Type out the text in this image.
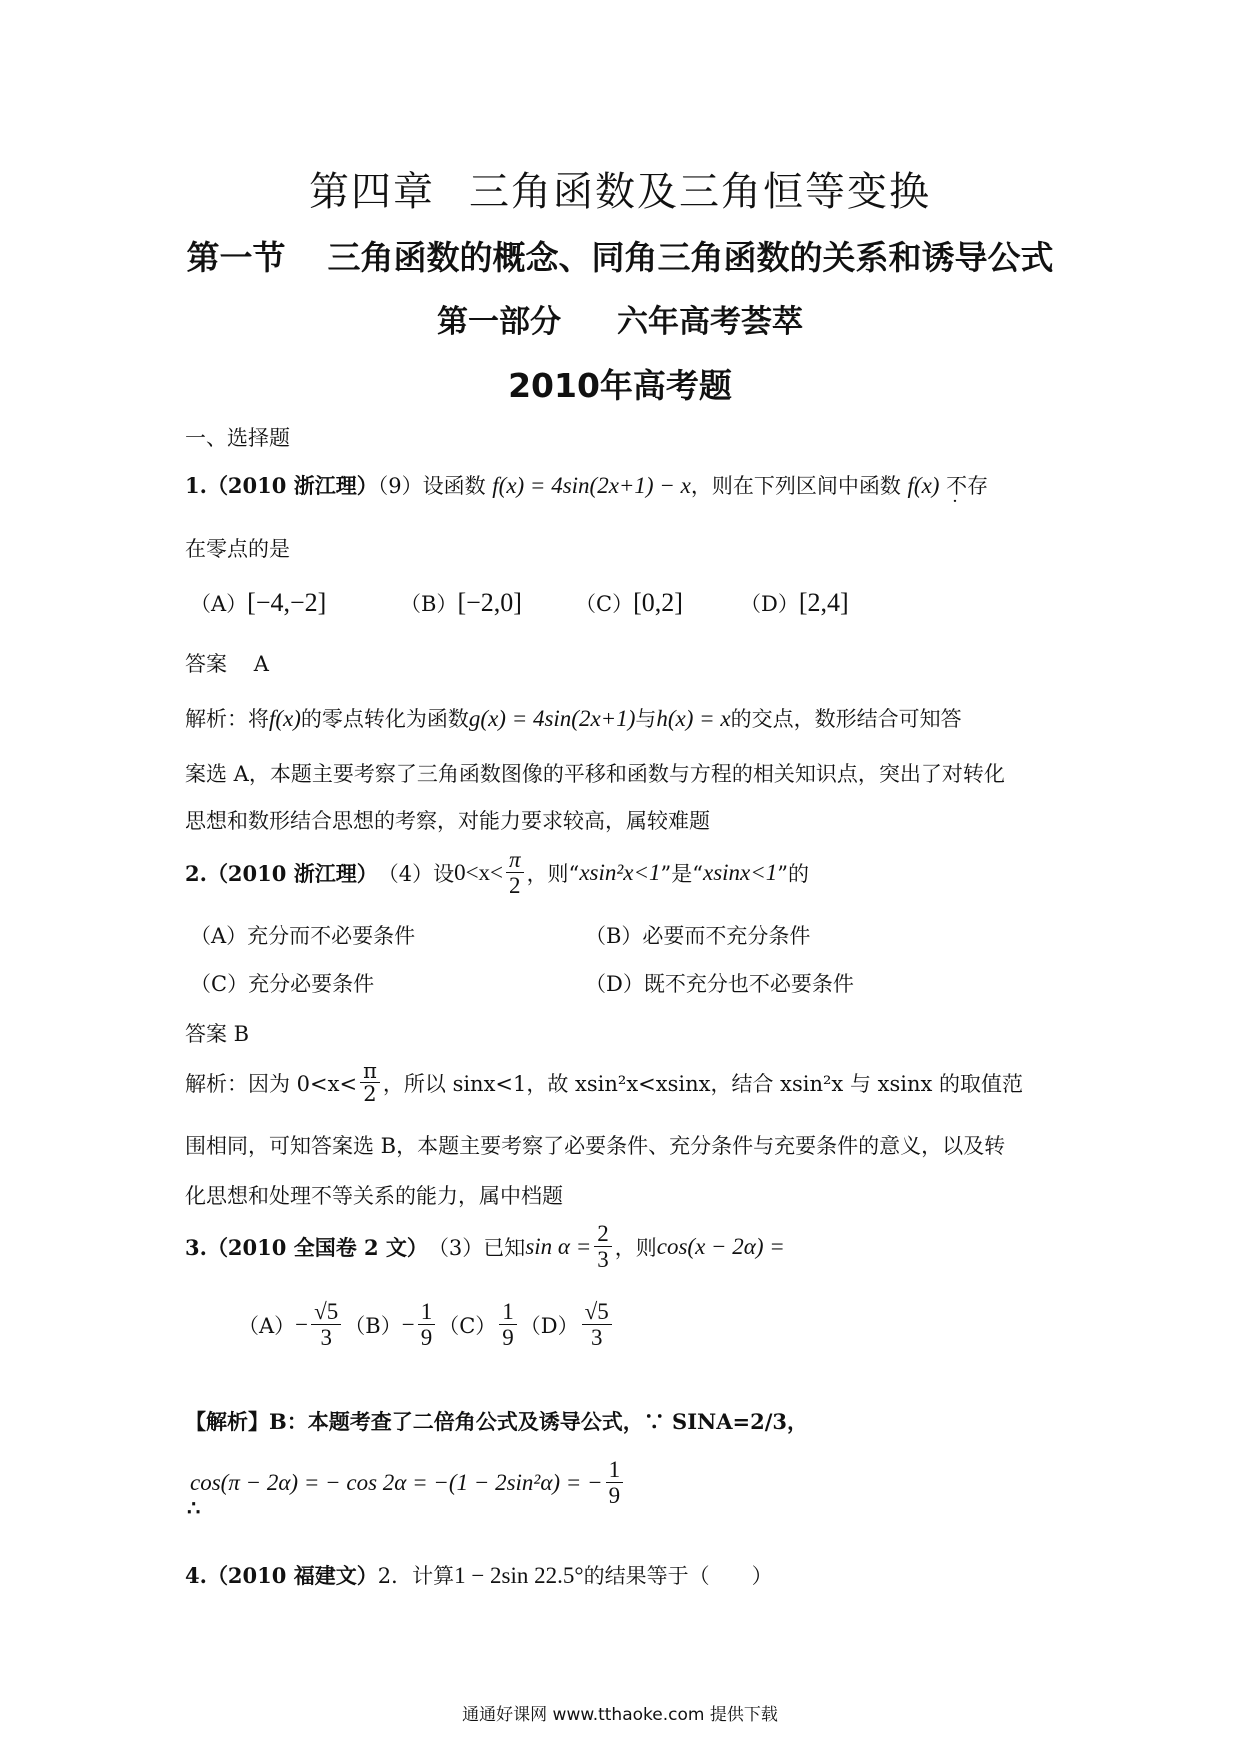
第四章 三角函数及三角恒等变换
第一节 三角函数的概念、同角三角函数的关系和诱导公式
第一部分 六年高考荟萃
2010年高考题
一、选择题
1.（2010 浙江理）（9）设函数 f(x) = 4sin(2x+1) − x，则在下列区间中函数 f(x) 不存
在零点的是
（A）[−4,−2]	（B）[−2,0]	（C）[0,2]	（D）[2,4]
答案 A
解析：将f(x)的零点转化为函数g(x) = 4sin(2x+1)与h(x) = x的交点，数形结合可知答
案选 A，本题主要考察了三角函数图像的平移和函数与方程的相关知识点，突出了对转化
思想和数形结合思想的考察，对能力要求较高，属较难题
2. （2010 浙江理） （4）设 $0<x< \frac{\pi}{2}$ ，则“ xsin²x<1 ”是“ xsinx<1 ”的
（A）充分而不必要条件	（B）必要而不充分条件
（C）充分必要条件	（D）既不充分也不必要条件
答案 B
解析：因为 $0<x< \frac{\pi}{2}$ ，所以 sinx<1，故 xsin²x<xsinx，结合 xsin²x 与 xsinx 的取值范
围相同，可知答案选 B，本题主要考察了必要条件、充分条件与充要条件的意义，以及转
化思想和处理不等关系的能力，属中档题
3. （2010 全国卷 2 文） （3）已知 $\sin \alpha = \frac{2}{3}$ ，则 cos(x − 2α) =
$(A) - \frac{√5}{3} (B) - \frac{1}{9} (C) \frac{1}{9} (D) \frac{√5}{3}$
【解析】B：本题考查了二倍角公式及诱导公式，∵ SINA=2/3，
cos(π − 2α) = − cos 2α = −(1 − 2sin²α) = − $\frac{1}{9}$
∴
4.（2010 福建文）2．计算1 − 2sin 22.5°的结果等于（　　）
通通好课网 www.tthaoke.com 提供下载
